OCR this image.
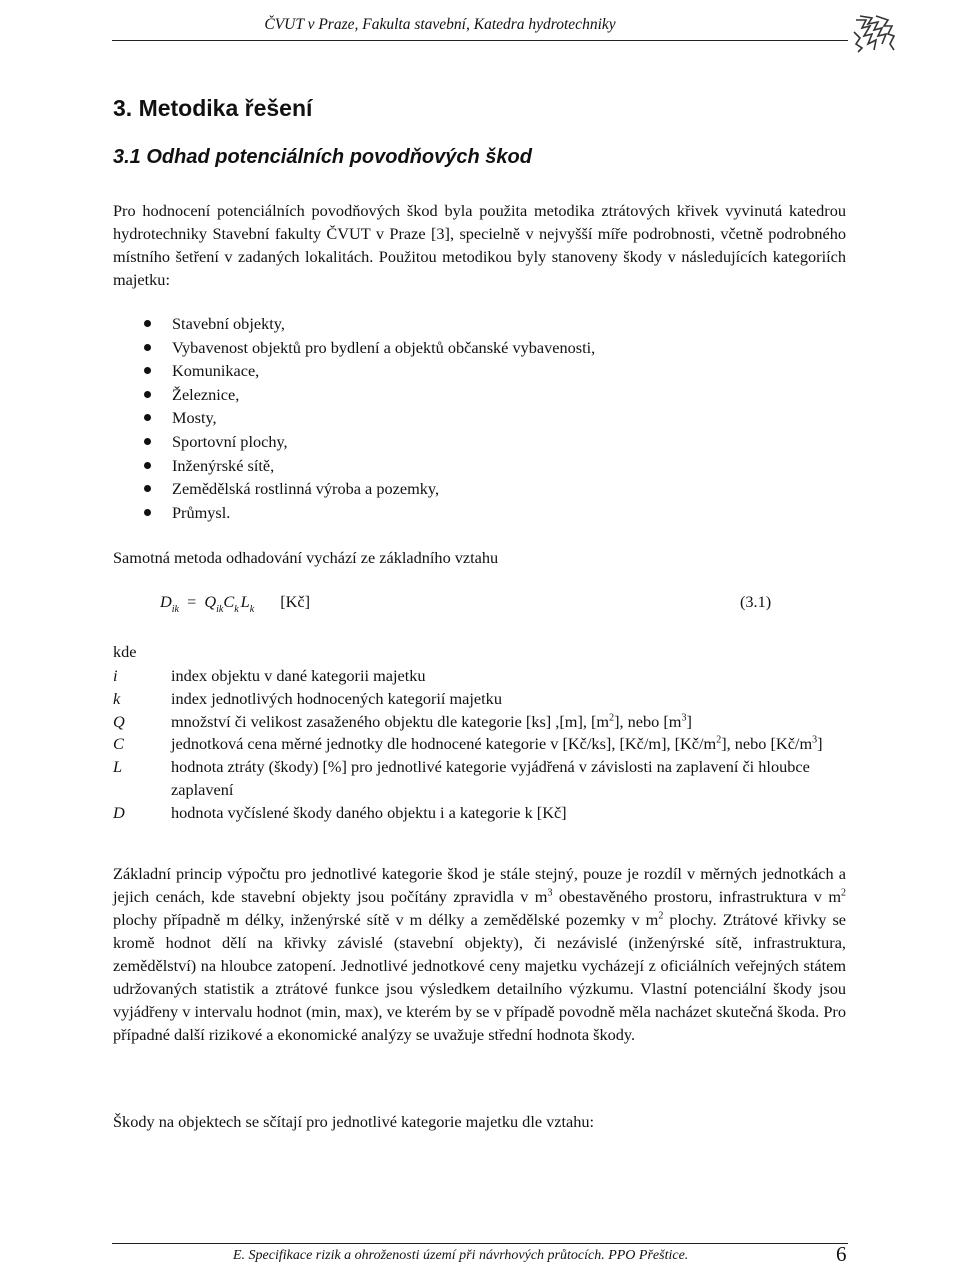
ČVUT v Praze, Fakulta stavební, Katedra hydrotechniky
3. Metodika řešení
3.1 Odhad potenciálních povodňových škod

Pro hodnocení potenciálních povodňových škod byla použita metodika ztrátových křivek vyvinutá katedrou hydrotechniky Stavební fakulty ČVUT v Praze [3], specielně v nejvyšší míře podrobnosti, včetně podrobného místního šetření v zadaných lokalitách. Použitou metodikou byly stanoveny škody v následujících kategoriích majetku:

Stavební objekty,
Vybavenost objektů pro bydlení a objektů občanské vybavenosti,
Komunikace,
Železnice,
Mosty,
Sportovní plochy,
Inženýrské sítě,
Zemědělská rostlinná výroba a pozemky,
Průmysl.

Samotná metoda odhadování vychází ze základního vztahu

$D_{ik} = Q_{ik}C_k$ $L_k$ [Kč]	(3.1)
kde
i	index objektu v dané kategorii majetku
k	index jednotlivých hodnocených kategorií majetku
Q	množství či velikost zasaženého objektu dle kategorie [ks] ,[m], $[m^2]$, nebo $[m^3]$
C	jednotková cena měrné jednotky dle hodnocené kategorie v [Kč/ks], [Kč/m], $[Kč/m^2]$, nebo $[Kč/m^3]$
L	hodnota ztráty (škody) [%] pro jednotlivé kategorie vyjádřená v závislosti na zaplavení či hloubce zaplavení
D	hodnota vyčíslené škody daného objektu i a kategorie k [Kč]

Základní princip výpočtu pro jednotlivé kategorie škod je stále stejný, pouze je rozdíl v měrných jednotkách a jejich cenách, kde stavební objekty jsou počítány zpravidla v $m^3$ obestavěného prostoru, infrastruktura v $m^2$ plochy případně m délky, inženýrské sítě v m délky a zemědělské pozemky v $m^2$ plochy. Ztrátové křivky se kromě hodnot dělí na křivky závislé (stavební objekty), či nezávislé (inženýrské sítě, infrastruktura, zemědělství) na hloubce zatopení. Jednotlivé jednotkové ceny majetku vycházejí z oficiálních veřejných státem udržovaných statistik a ztrátové funkce jsou výsledkem detailního výzkumu. Vlastní potenciální škody jsou vyjádřeny v intervalu hodnot (min, max), ve kterém by se v případě povodně měla nacházet skutečná škoda. Pro případné další rizikové a ekonomické analýzy se uvažuje střední hodnota škody.

Škody na objektech se sčítají pro jednotlivé kategorie majetku dle vztahu:

E. Specifikace rizik a ohroženosti území při návrhových průtocích. PPO Přeštice.	6
